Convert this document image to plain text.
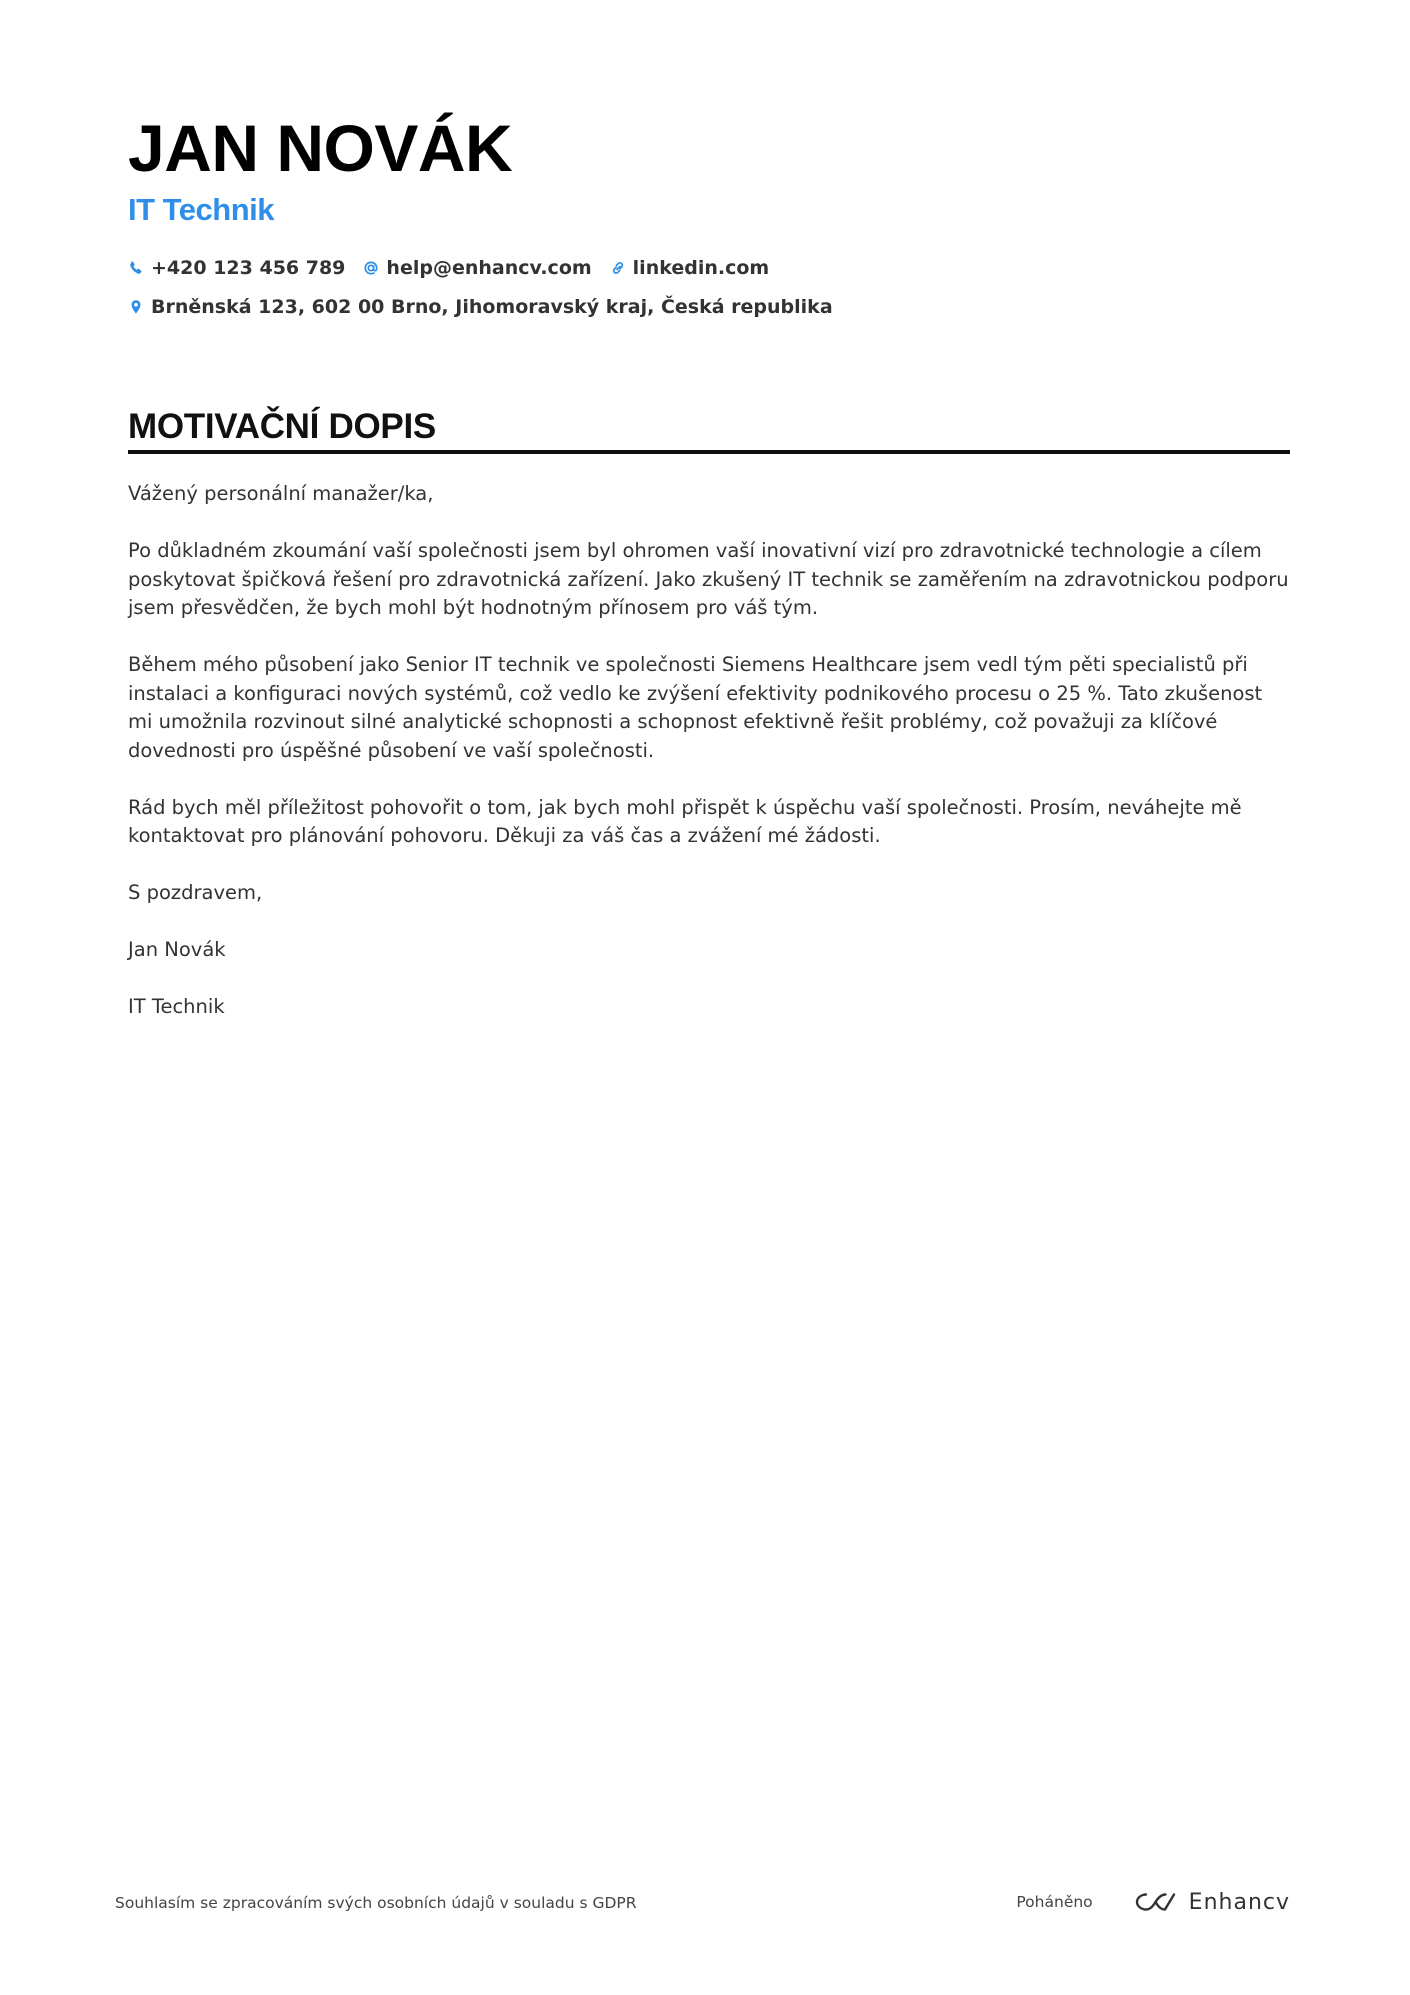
JAN NOVÁK
IT Technik
+420 123 456 789 help@enhancv.com linkedin.com
Brněnská 123, 602 00 Brno, Jihomoravský kraj, Česká republika
MOTIVAČNÍ DOPIS

Vážený personální manažer/ka,

Po důkladném zkoumání vaší společnosti jsem byl ohromen vaší inovativní vizí pro zdravotnické technologie a cílem poskytovat špičková řešení pro zdravotnická zařízení. Jako zkušený IT technik se zaměřením na zdravotnickou podporu jsem přesvědčen, že bych mohl být hodnotným přínosem pro váš tým.

Během mého působení jako Senior IT technik ve společnosti Siemens Healthcare jsem vedl tým pěti specialistů při instalaci a konfiguraci nových systémů, což vedlo ke zvýšení efektivity podnikového procesu o 25 %. Tato zkušenost mi umožnila rozvinout silné analytické schopnosti a schopnost efektivně řešit problémy, což považuji za klíčové dovednosti pro úspěšné působení ve vaší společnosti.

Rád bych měl příležitost pohovořit o tom, jak bych mohl přispět k úspěchu vaší společnosti. Prosím, neváhejte mě kontaktovat pro plánování pohovoru. Děkuji za váš čas a zvážení mé žádosti.

S pozdravem,

Jan Novák

IT Technik

Souhlasím se zpracováním svých osobních údajů v souladu s GDPR	Poháněno	Enhancv
